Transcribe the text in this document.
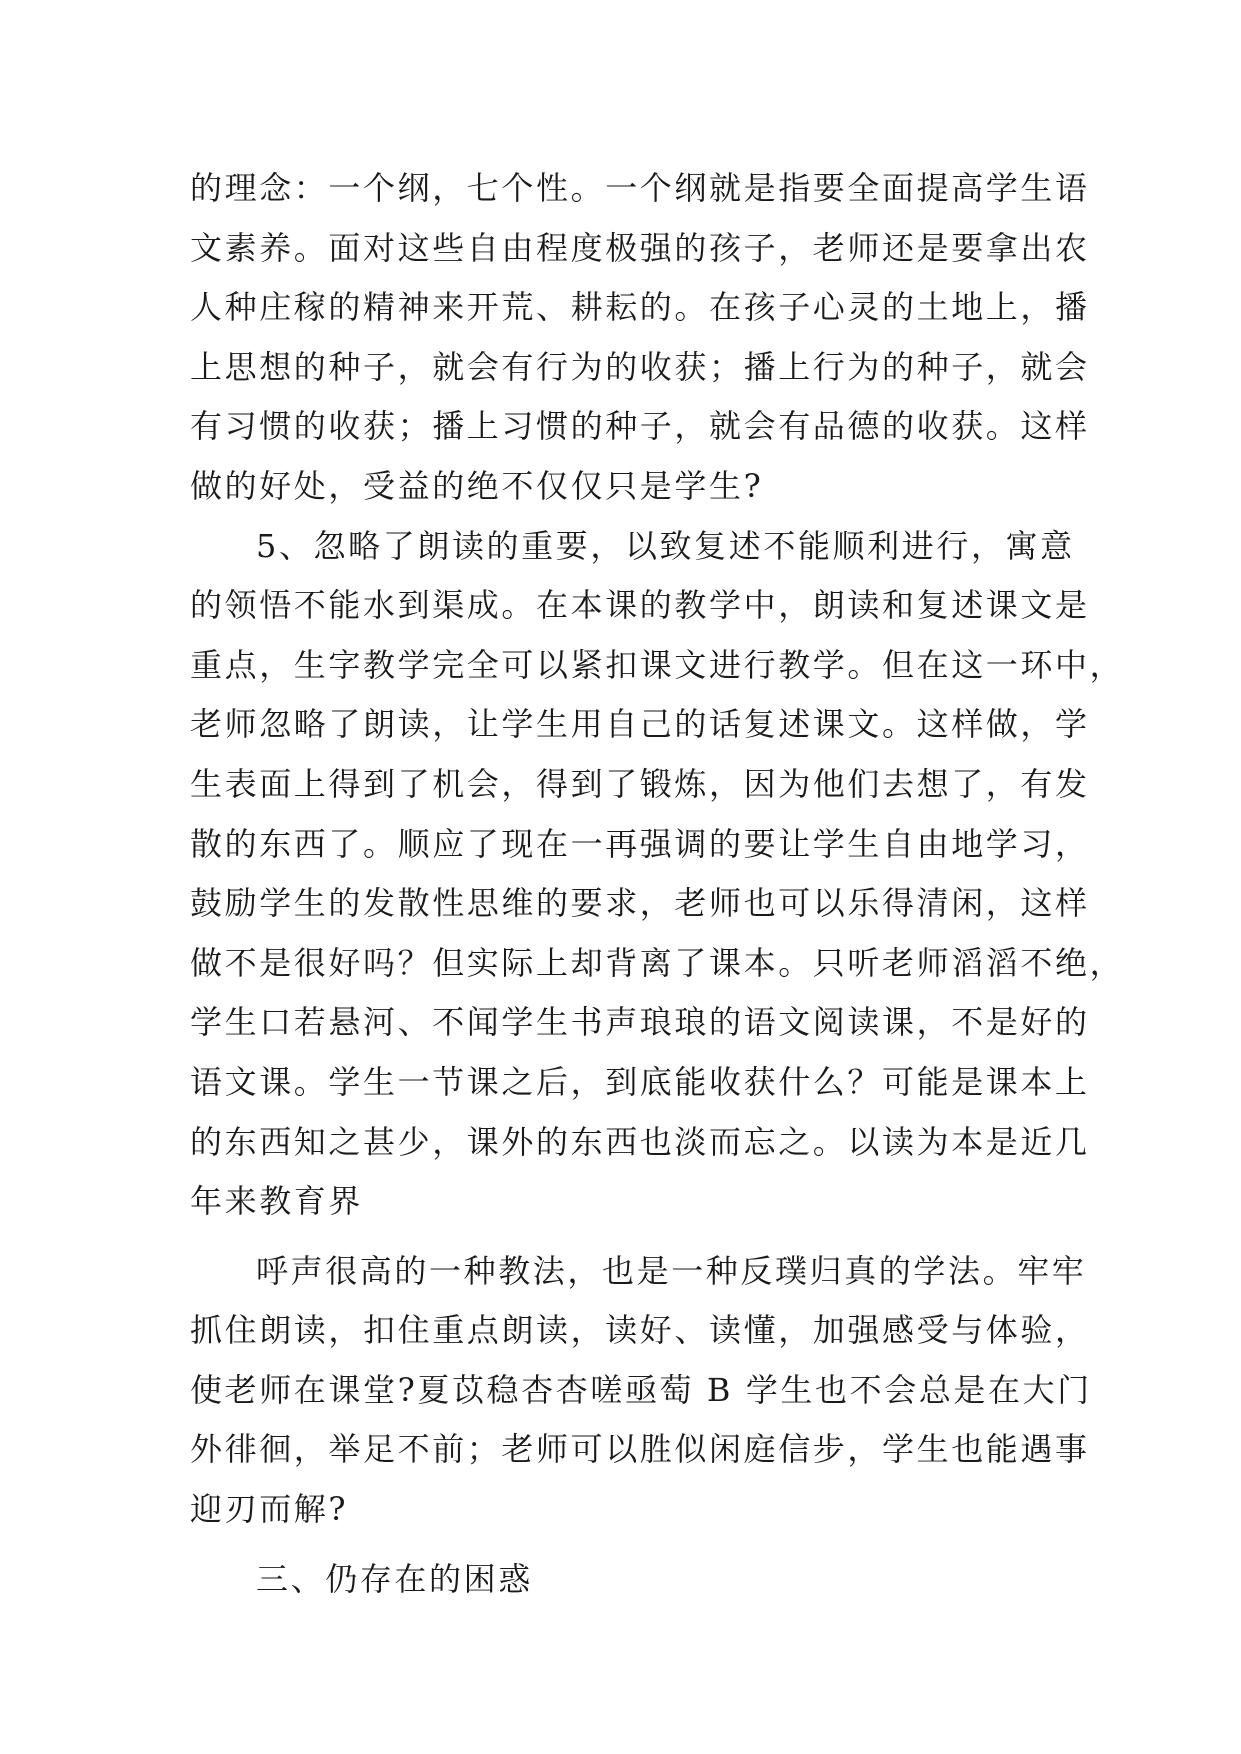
的理念：一个纲，七个性。一个纲就是指要全面提高学生语
文素养。面对这些自由程度极强的孩子，老师还是要拿出农
人种庄稼的精神来开荒、耕耘的。在孩子心灵的土地上，播
上思想的种子，就会有行为的收获；播上行为的种子，就会
有习惯的收获；播上习惯的种子，就会有品德的收获。这样
做的好处，受益的绝不仅仅只是学生?
5、忽略了朗读的重要，以致复述不能顺利进行，寓意
的领悟不能水到渠成。在本课的教学中，朗读和复述课文是
重点，生字教学完全可以紧扣课文进行教学。但在这一环中，
老师忽略了朗读，让学生用自己的话复述课文。这样做，学
生表面上得到了机会，得到了锻炼，因为他们去想了，有发
散的东西了。顺应了现在一再强调的要让学生自由地学习，
鼓励学生的发散性思维的要求，老师也可以乐得清闲，这样
做不是很好吗？但实际上却背离了课本。只听老师滔滔不绝，
学生口若悬河、不闻学生书声琅琅的语文阅读课，不是好的
语文课。学生一节课之后，到底能收获什么？可能是课本上
的东西知之甚少，课外的东西也淡而忘之。以读为本是近几
年来教育界
呼声很高的一种教法，也是一种反璞归真的学法。牢牢
抓住朗读，扣住重点朗读，读好、读懂，加强感受与体验，
使老师在课堂?夏苡稳杏杏嗟亟萄 B 学生也不会总是在大门
外徘徊，举足不前；老师可以胜似闲庭信步，学生也能遇事
迎刃而解?
三、仍存在的困惑
